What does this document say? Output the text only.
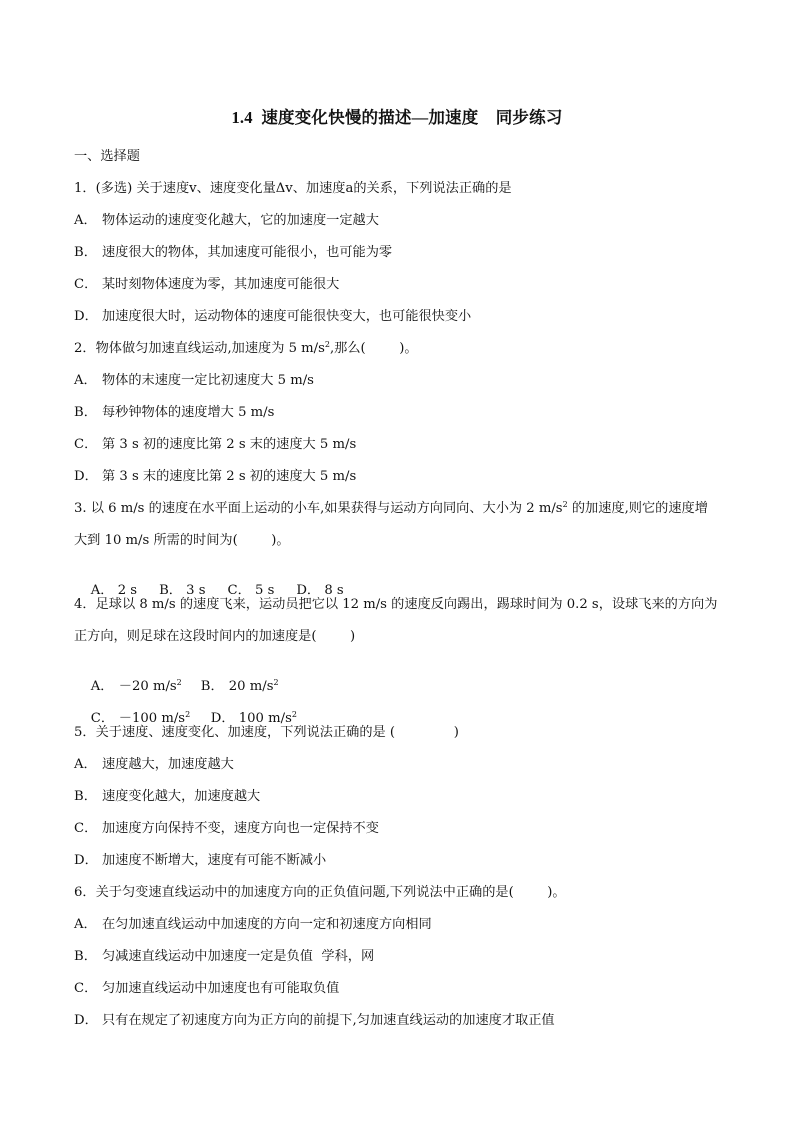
1.4  速度变化快慢的描述—加速度    同步练习
一、选择题
1．(多选) 关于速度v、速度变化量Δv、加速度a的关系，下列说法正确的是
A． 物体运动的速度变化越大，它的加速度一定越大
B． 速度很大的物体，其加速度可能很小，也可能为零
C． 某时刻物体速度为零，其加速度可能很大
D． 加速度很大时，运动物体的速度可能很快变大，也可能很快变小
2．物体做匀加速直线运动,加速度为 5 $m/s^2$,那么(        )。
A． 物体的末速度一定比初速度大 5 m/s
B． 每秒钟物体的速度增大 5 m/s
C． 第 3 s 初的速度比第 2 s 末的速度大 5 m/s
D． 第 3 s 末的速度比第 2 s 初的速度大 5 m/s
3. 以 6 m/s 的速度在水平面上运动的小车,如果获得与运动方向同向、大小为 2 $m/s^2$ 的加速度,则它的速度增
大到 10 m/s 所需的时间为(        )。

A． 2 s B． 3 s C． 5 s D． 8 s

4．足球以 8 m/s 的速度飞来，运动员把它以 12 m/s 的速度反向踢出，踢球时间为 0.2 s，设球飞来的方向为
正方向，则足球在这段时间内的加速度是(        )

A． －20 $m/s^2$ B． 20 $m/s^2$

C． －100 $m/s^2$ D． 100 $m/s^2$

5．关于速度、速度变化、加速度，下列说法正确的是 (              )
A． 速度越大，加速度越大
B． 速度变化越大，加速度越大
C． 加速度方向保持不变，速度方向也一定保持不变
D． 加速度不断增大，速度有可能不断减小
6．关于匀变速直线运动中的加速度方向的正负值问题,下列说法中正确的是(        )。
A． 在匀加速直线运动中加速度的方向一定和初速度方向相同
B． 匀减速直线运动中加速度一定是负值  学科，网
C． 匀加速直线运动中加速度也有可能取负值
D． 只有在规定了初速度方向为正方向的前提下,匀加速直线运动的加速度才取正值
